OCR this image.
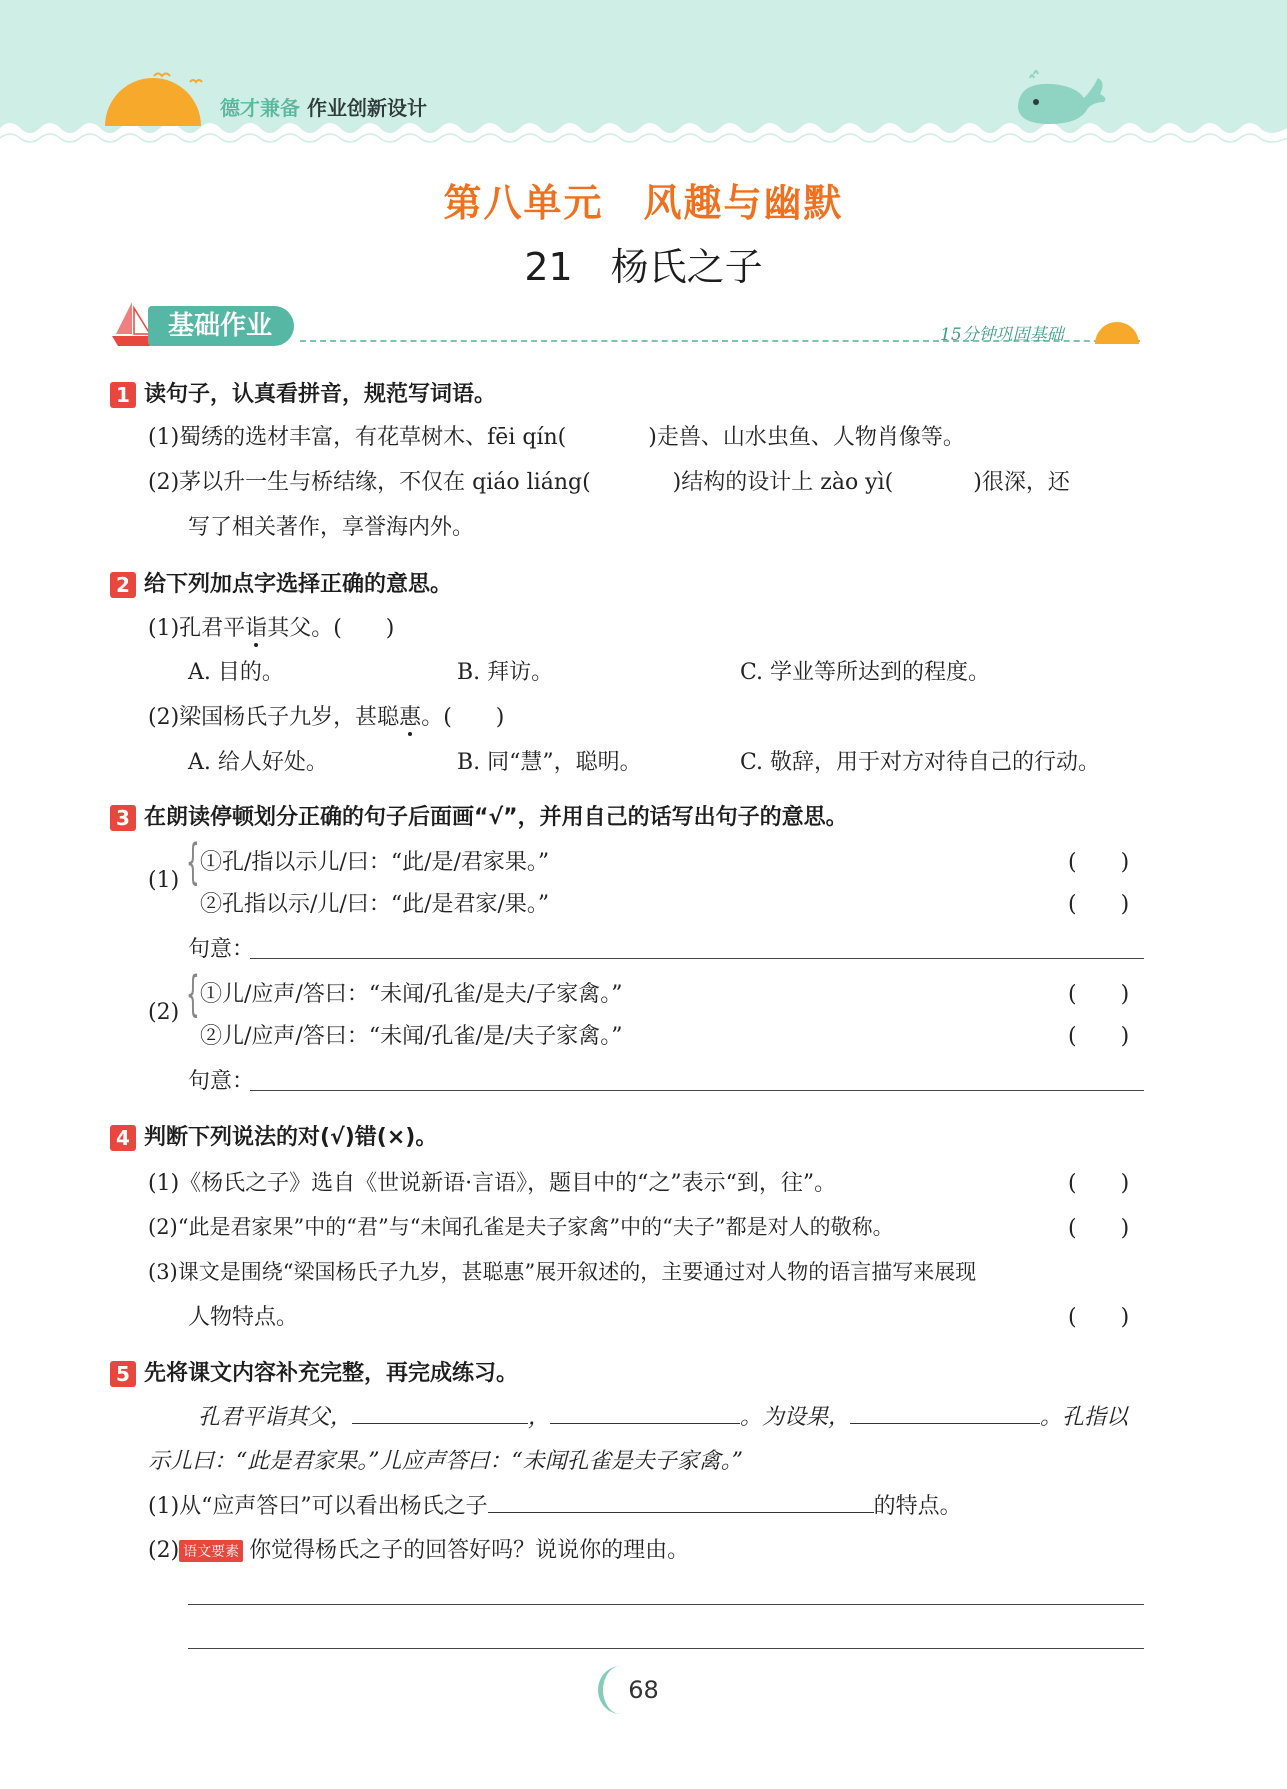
德才兼备 作业创新设计
第八单元　风趣与幽默
21　杨氏之子
基础作业	15分钟巩固基础
1 读句子，认真看拼音，规范写词语。
(1)蜀绣的选材丰富，有花草树木、fēi qín(	)走兽、山水虫鱼、人物肖像等。
(2)茅以升一生与桥结缘，不仅在 qiáo liáng(	)结构的设计上 zào yì(	)很深，还
写了相关著作，享誉海内外。
2 给下列加点字选择正确的意思。
(1)孔君平诣其父。(　　)
A. 目的。	B. 拜访。	C. 学业等所达到的程度。
(2)梁国杨氏子九岁，甚聪惠。(　　)
A. 给人好处。	B. 同“慧”，聪明。	C. 敬辞，用于对方对待自己的行动。
3 在朗读停顿划分正确的句子后面画“√”，并用自己的话写出句子的意思。
(1) { ①孔/指以示儿/曰：“此/是/君家果。”	(　　)
②孔指以示/儿/曰：“此/是君家/果。”	(　　)
句意：
(2) { ①儿/应声/答曰：“未闻/孔雀/是夫/子家禽。”	(　　)
②儿/应声/答曰：“未闻/孔雀/是/夫子家禽。”	(　　)
句意：
4 判断下列说法的对(√)错(×)。
(1)《杨氏之子》选自《世说新语·言语》，题目中的“之”表示“到，往”。	(　　)
(2)“此是君家果”中的“君”与“未闻孔雀是夫子家禽”中的“夫子”都是对人的敬称。	(　　)
(3)课文是围绕“梁国杨氏子九岁，甚聪惠”展开叙述的，主要通过对人物的语言描写来展现
人物特点。	(　　)
5 先将课文内容补充完整，再完成练习。
孔君平诣其父，	，	。为设果，	。孔指以
示儿曰：“此是君家果。”儿应声答曰：“未闻孔雀是夫子家禽。”
(1)从“应声答曰”可以看出杨氏之子	的特点。
(2) 语文要素 你觉得杨氏之子的回答好吗？说说你的理由。
68
